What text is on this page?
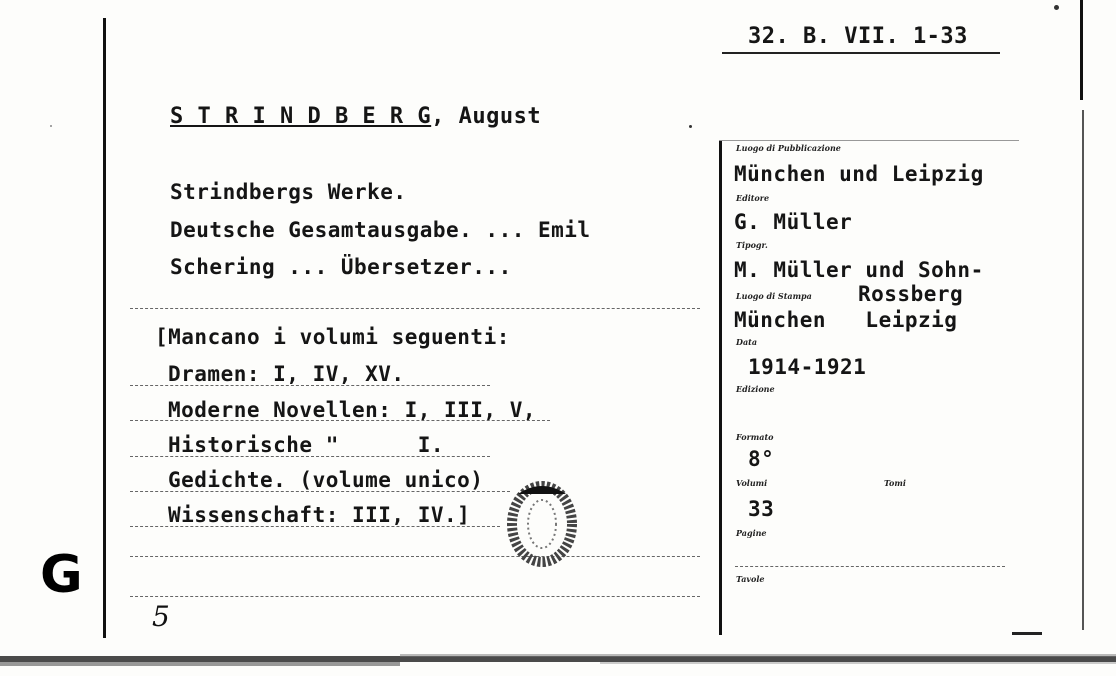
32. B. VII. 1-33
S T R I N D B E R G, August
Strindbergs Werke.
Deutsche Gesamtausgabe. ... Emil
Schering ... Übersetzer...
[Mancano i volumi seguenti:
Dramen: I, IV, XV.
Moderne Novellen: I, III, V,
Historische "      I.
Gedichte. (volume unico)
Wissenschaft: III, IV.]
5
Luogo di Pubblicazione
München und Leipzig
Editore
G. Müller
Tipogr.
M. Müller und Sohn-
Luogo di Stampa Rossberg
München   Leipzig
Data
1914-1921
Edizione
Formato
8°
Volumi	Tomi
33
Pagine
Tavole
G
